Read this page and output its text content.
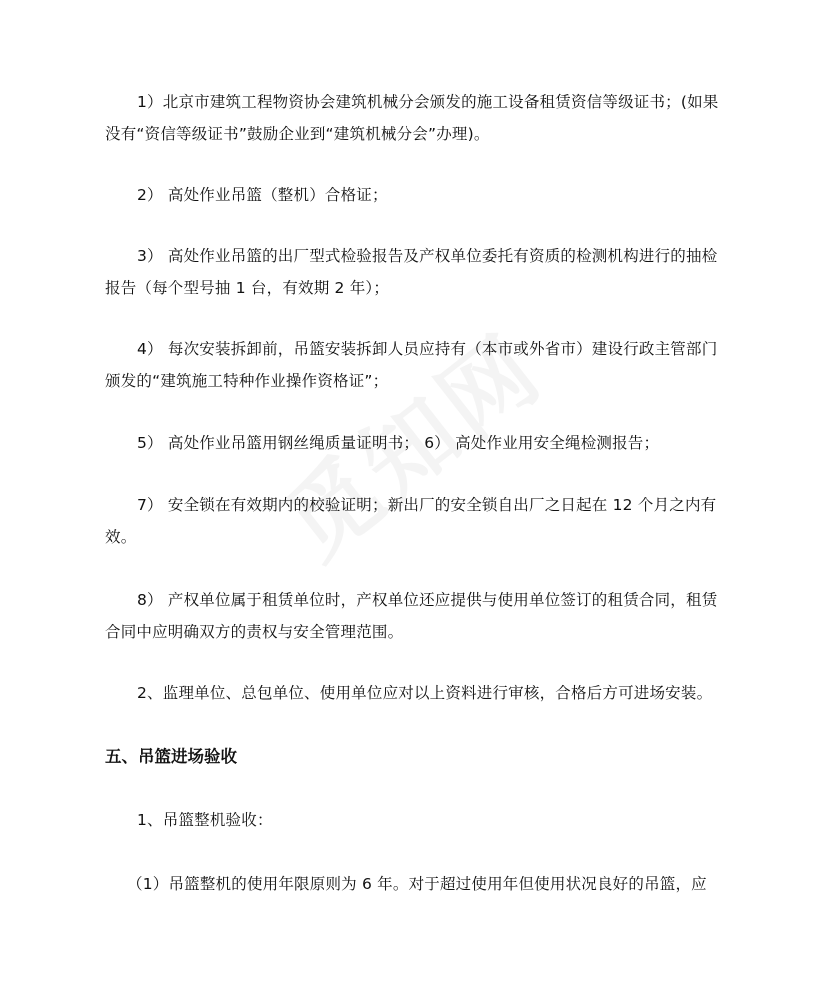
1）北京市建筑工程物资协会建筑机械分会颁发的施工设备租赁资信等级证书；(如果
没有“资信等级证书”鼓励企业到“建筑机械分会”办理)。

2） 高处作业吊篮（整机）合格证；

3） 高处作业吊篮的出厂型式检验报告及产权单位委托有资质的检测机构进行的抽检
报告（每个型号抽 1 台，有效期 2 年）；

4） 每次安装拆卸前，吊篮安装拆卸人员应持有（本市或外省市）建设行政主管部门
颁发的“建筑施工特种作业操作资格证”；

5） 高处作业吊篮用钢丝绳质量证明书； 6） 高处作业用安全绳检测报告；

7） 安全锁在有效期内的校验证明；新出厂的安全锁自出厂之日起在 12 个月之内有
效。

8） 产权单位属于租赁单位时，产权单位还应提供与使用单位签订的租赁合同，租赁
合同中应明确双方的责权与安全管理范围。

2、监理单位、总包单位、使用单位应对以上资料进行审核，合格后方可进场安装。

五、吊篮进场验收

1、吊篮整机验收：

（1）吊篮整机的使用年限原则为 6 年。对于超过使用年但使用状况良好的吊篮，应
